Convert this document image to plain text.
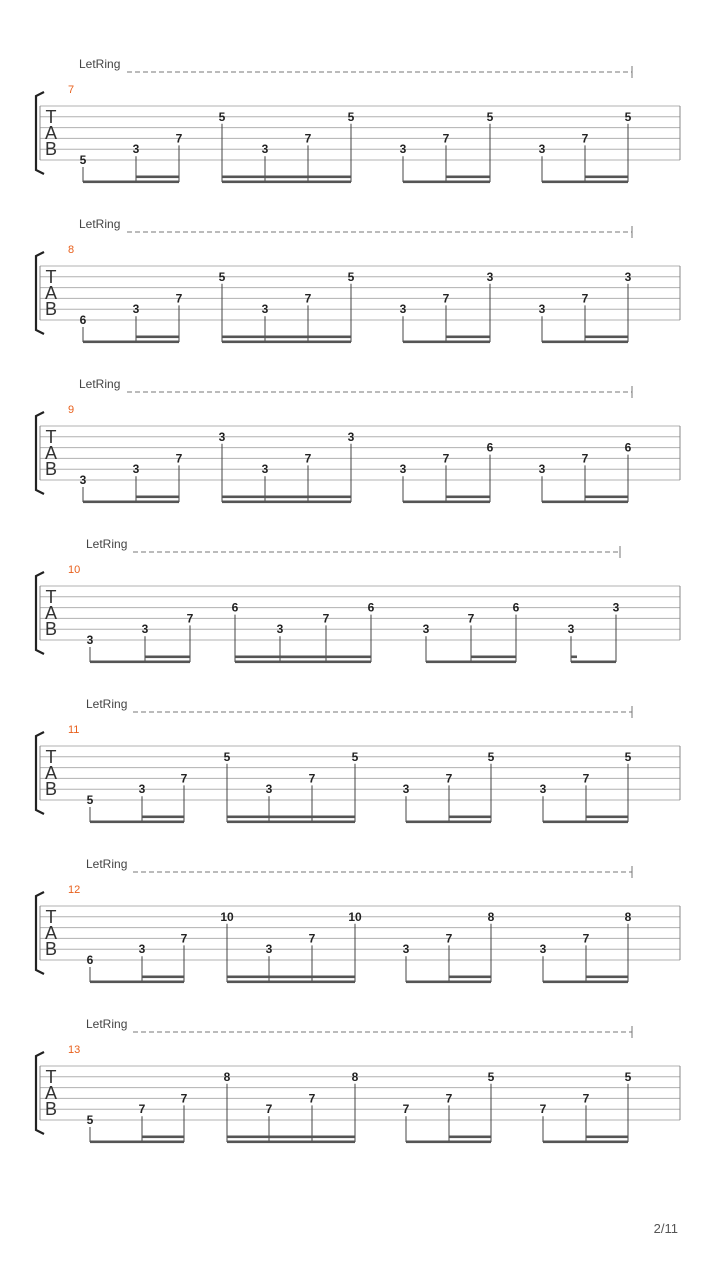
LetRing
7
T
A
B
5
3
7
5
3
7
5
3
7
5
3
7
5
LetRing
8
T
A
B
6
3
7
5
3
7
5
3
7
3
3
7
3
LetRing
9
T
A
B
3
3
7
3
3
7
3
3
7
6
3
7
6
LetRing
10
T
A
B
3
3
7
6
3
7
6
3
7
6
3
3
LetRing
11
T
A
B
5
3
7
5
3
7
5
3
7
5
3
7
5
LetRing
12
T
A
B
6
3
7
10
3
7
10
3
7
8
3
7
8
LetRing
13
T
A
B
5
7
7
8
7
7
8
7
7
5
7
7
5
2/11
